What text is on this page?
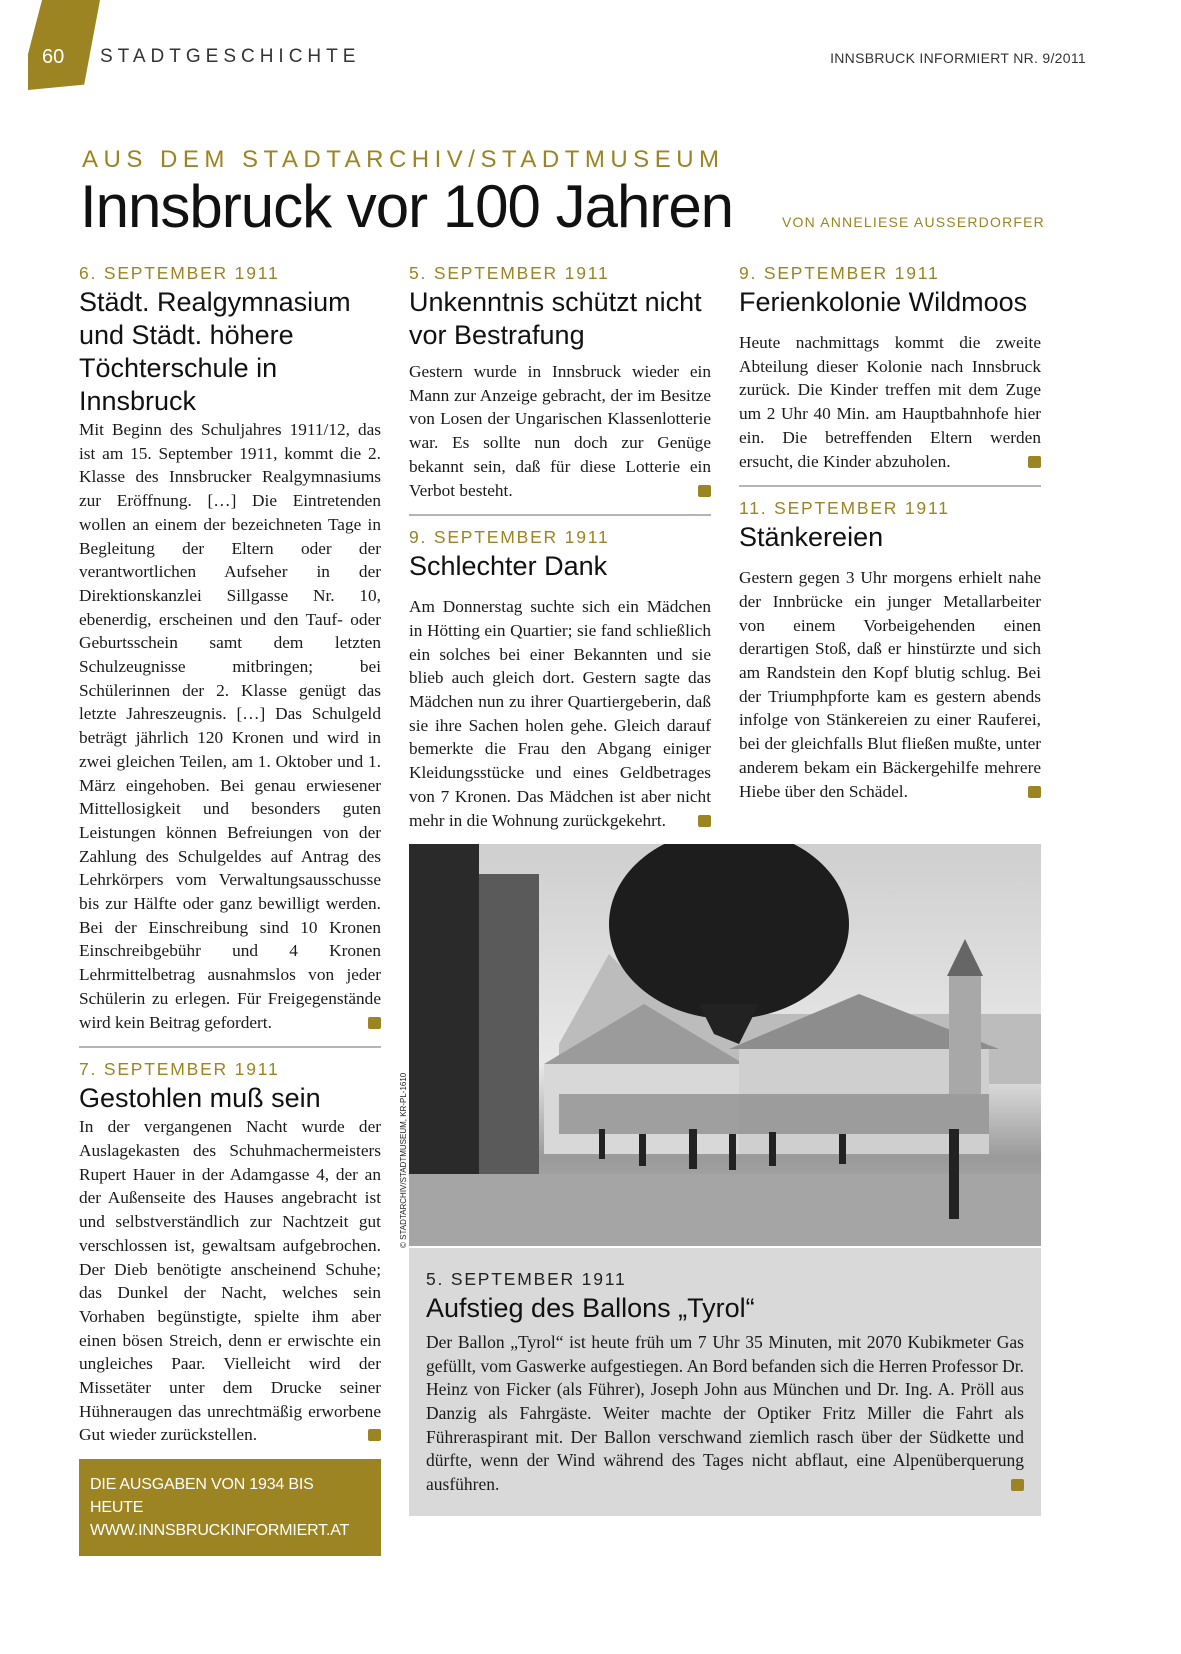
60 STADTGESCHICHTE	INNSBRUCK INFORMIERT NR. 9/2011
AUS DEM STADTARCHIV/STADTMUSEUM
Innsbruck vor 100 Jahren	VON ANNELIESE AUSSERDORFER
6. SEPTEMBER 1911
Städt. Realgymnasium und Städt. höhere Töchterschule in Innsbruck

Mit Beginn des Schuljahres 1911/12, das ist am 15. September 1911, kommt die 2. Klasse des Innsbrucker Realgymnasiums zur Eröffnung. […] Die Eintretenden wollen an einem der bezeichneten Tage in Begleitung der Eltern oder der verantwortlichen Aufseher in der Direktionskanzlei Sillgasse Nr. 10, ebenerdig, erscheinen und den Tauf- oder Geburtsschein samt dem letzten Schulzeugnisse mitbringen; bei Schülerinnen der 2. Klasse genügt das letzte Jahreszeugnis. […] Das Schulgeld beträgt jährlich 120 Kronen und wird in zwei gleichen Teilen, am 1. Oktober und 1. März eingehoben. Bei genau erwiesener Mittellosigkeit und besonders guten Leistungen können Befreiungen von der Zahlung des Schulgeldes auf Antrag des Lehrkörpers vom Verwaltungsausschusse bis zur Hälfte oder ganz bewilligt werden. Bei der Einschreibung sind 10 Kronen Einschreibgebühr und 4 Kronen Lehrmittelbetrag ausnahmslos von jeder Schülerin zu erlegen. Für Freigegenstände wird kein Beitrag gefordert.

7. SEPTEMBER 1911
Gestohlen muß sein

In der vergangenen Nacht wurde der Auslagekasten des Schuhmachermeisters Rupert Hauer in der Adamgasse 4, der an der Außenseite des Hauses angebracht ist und selbstverständlich zur Nachtzeit gut verschlossen ist, gewaltsam aufgebrochen. Der Dieb benötigte anscheinend Schuhe; das Dunkel der Nacht, welches sein Vorhaben begünstigte, spielte ihm aber einen bösen Streich, denn er erwischte ein ungleiches Paar. Vielleicht wird der Missetäter unter dem Drucke seiner Hühneraugen das unrechtmäßig erworbene Gut wieder zurückstellen.

DIE AUSGABEN VON 1934 BIS HEUTE
WWW.INNSBRUCKINFORMIERT.AT
5. SEPTEMBER 1911
Unkenntnis schützt nicht vor Bestrafung

Gestern wurde in Innsbruck wieder ein Mann zur Anzeige gebracht, der im Besitze von Losen der Ungarischen Klassenlotterie war. Es sollte nun doch zur Genüge bekannt sein, daß für diese Lotterie ein Verbot besteht.

9. SEPTEMBER 1911
Schlechter Dank

Am Donnerstag suchte sich ein Mädchen in Hötting ein Quartier; sie fand schließlich ein solches bei einer Bekannten und sie blieb auch gleich dort. Gestern sagte das Mädchen nun zu ihrer Quartiergeberin, daß sie ihre Sachen holen gehe. Gleich darauf bemerkte die Frau den Abgang einiger Kleidungsstücke und eines Geldbetrages von 7 Kronen. Das Mädchen ist aber nicht mehr in die Wohnung zurückgekehrt.

9. SEPTEMBER 1911
Ferienkolonie Wildmoos

Heute nachmittags kommt die zweite Abteilung dieser Kolonie nach Innsbruck zurück. Die Kinder treffen mit dem Zuge um 2 Uhr 40 Min. am Hauptbahnhofe hier ein. Die betreffenden Eltern werden ersucht, die Kinder abzuholen.

11. SEPTEMBER 1911
Stänkereien

Gestern gegen 3 Uhr morgens erhielt nahe der Innbrücke ein junger Metallarbeiter von einem Vorbeigehenden einen derartigen Stoß, daß er hinstürzte und sich am Randstein den Kopf blutig schlug. Bei der Triumphpforte kam es gestern abends infolge von Stänkereien zu einer Rauferei, bei der gleichfalls Blut fließen mußte, unter anderem bekam ein Bäckergehilfe mehrere Hiebe über den Schädel.

© STADTARCHIV/STADTMUSEUM, KR-PL-1610
5. SEPTEMBER 1911
Aufstieg des Ballons „Tyrol“

Der Ballon „Tyrol“ ist heute früh um 7 Uhr 35 Minuten, mit 2070 Kubikmeter Gas gefüllt, vom Gaswerke aufgestiegen. An Bord befanden sich die Herren Professor Dr. Heinz von Ficker (als Führer), Joseph John aus München und Dr. Ing. A. Pröll aus Danzig als Fahrgäste. Weiter machte der Optiker Fritz Miller die Fahrt als Führeraspirant mit. Der Ballon verschwand ziemlich rasch über der Südkette und dürfte, wenn der Wind während des Tages nicht abflaut, eine Alpenüberquerung ausführen.
